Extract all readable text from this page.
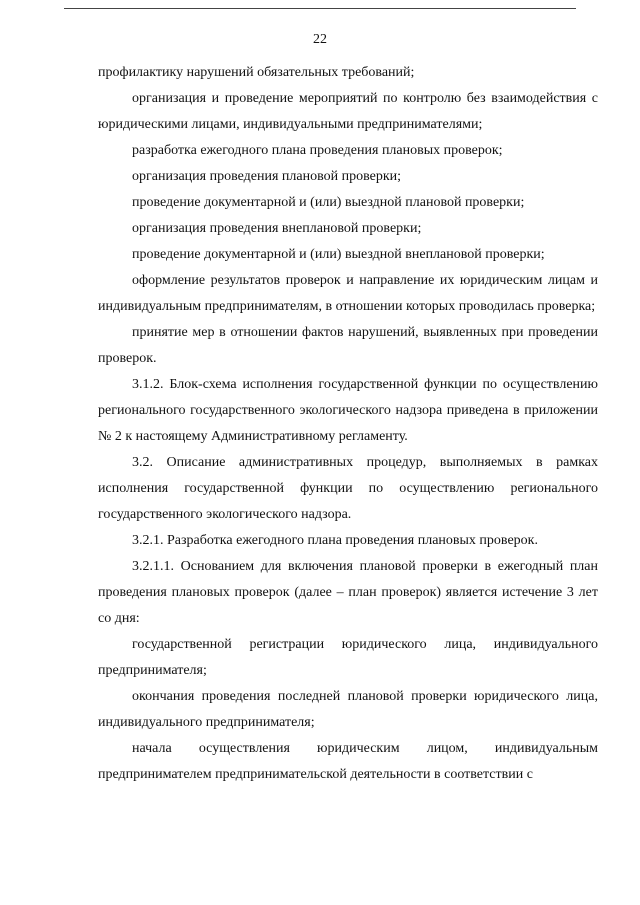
22

профилактику нарушений обязательных требований;

организация и проведение мероприятий по контролю без взаимодействия с юридическими лицами, индивидуальными предпринимателями;

разработка ежегодного плана проведения плановых проверок;

организация проведения плановой проверки;

проведение документарной и (или) выездной плановой проверки;

организация проведения внеплановой проверки;

проведение документарной и (или) выездной внеплановой проверки;

оформление результатов проверок и направление их юридическим лицам и индивидуальным предпринимателям, в отношении которых проводилась проверка;

принятие мер в отношении фактов нарушений, выявленных при проведении проверок.

3.1.2. Блок-схема исполнения государственной функции по осуществлению регионального государственного экологического надзора приведена в приложении № 2 к настоящему Административному регламенту.

3.2. Описание административных процедур, выполняемых в рамках исполнения государственной функции по осуществлению регионального государственного экологического надзора.

3.2.1. Разработка ежегодного плана проведения плановых проверок.

3.2.1.1. Основанием для включения плановой проверки в ежегодный план проведения плановых проверок (далее – план проверок) является истечение 3 лет со дня:

государственной регистрации юридического лица, индивидуального предпринимателя;

окончания проведения последней плановой проверки юридического лица, индивидуального предпринимателя;

начала осуществления юридическим лицом, индивидуальным предпринимателем предпринимательской деятельности в соответствии с
